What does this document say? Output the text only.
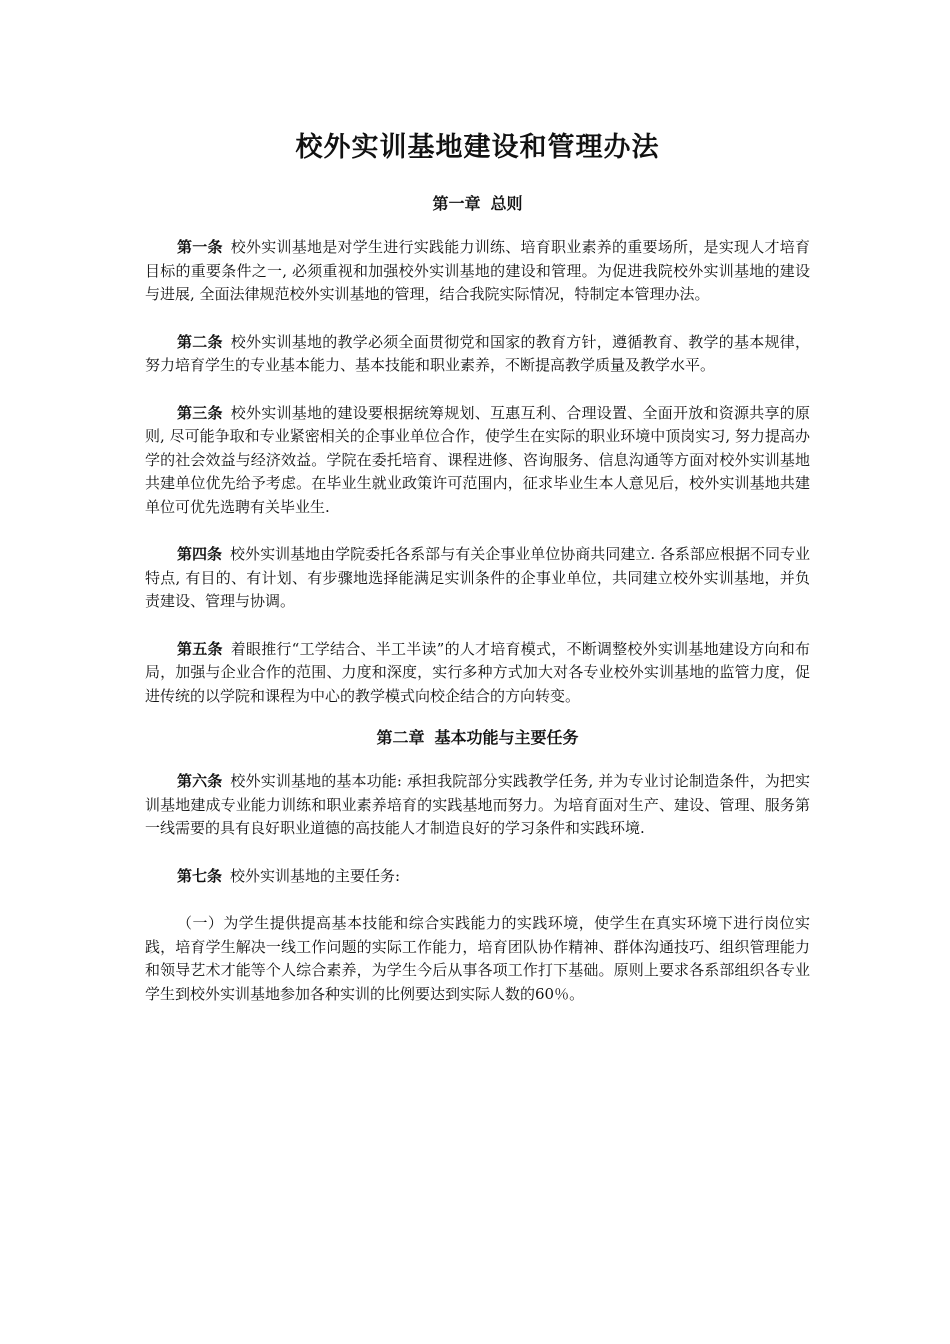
校外实训基地建设和管理办法
第一章 总则

第一条 校外实训基地是对学生进行实践能力训练、培育职业素养的重要场所，是实现人才培育目标的重要条件之一, 必须重视和加强校外实训基地的建设和管理。为促进我院校外实训基地的建设与进展, 全面法律规范校外实训基地的管理，结合我院实际情况，特制定本管理办法。

第二条 校外实训基地的教学必须全面贯彻党和国家的教育方针，遵循教育、教学的基本规律，努力培育学生的专业基本能力、基本技能和职业素养，不断提高教学质量及教学水平。

第三条 校外实训基地的建设要根据统筹规划、互惠互利、合理设置、全面开放和资源共享的原则, 尽可能争取和专业紧密相关的企事业单位合作，使学生在实际的职业环境中顶岗实习, 努力提高办学的社会效益与经济效益。学院在委托培育、课程进修、咨询服务、信息沟通等方面对校外实训基地共建单位优先给予考虑。在毕业生就业政策许可范围内，征求毕业生本人意见后，校外实训基地共建单位可优先选聘有关毕业生.

第四条 校外实训基地由学院委托各系部与有关企事业单位协商共同建立. 各系部应根据不同专业特点, 有目的、有计划、有步骤地选择能满足实训条件的企事业单位，共同建立校外实训基地，并负责建设、管理与协调。

第五条 着眼推行“工学结合、半工半读”的人才培育模式，不断调整校外实训基地建设方向和布局，加强与企业合作的范围、力度和深度，实行多种方式加大对各专业校外实训基地的监管力度，促进传统的以学院和课程为中心的教学模式向校企结合的方向转变。

第二章 基本功能与主要任务

第六条 校外实训基地的基本功能: 承担我院部分实践教学任务, 并为专业讨论制造条件，为把实训基地建成专业能力训练和职业素养培育的实践基地而努力。为培育面对生产、建设、管理、服务第一线需要的具有良好职业道德的高技能人才制造良好的学习条件和实践环境.

第七条 校外实训基地的主要任务:

（一）为学生提供提高基本技能和综合实践能力的实践环境，使学生在真实环境下进行岗位实践，培育学生解决一线工作问题的实际工作能力，培育团队协作精神、群体沟通技巧、组织管理能力和领导艺术才能等个人综合素养，为学生今后从事各项工作打下基础。原则上要求各系部组织各专业学生到校外实训基地参加各种实训的比例要达到实际人数的60％。
